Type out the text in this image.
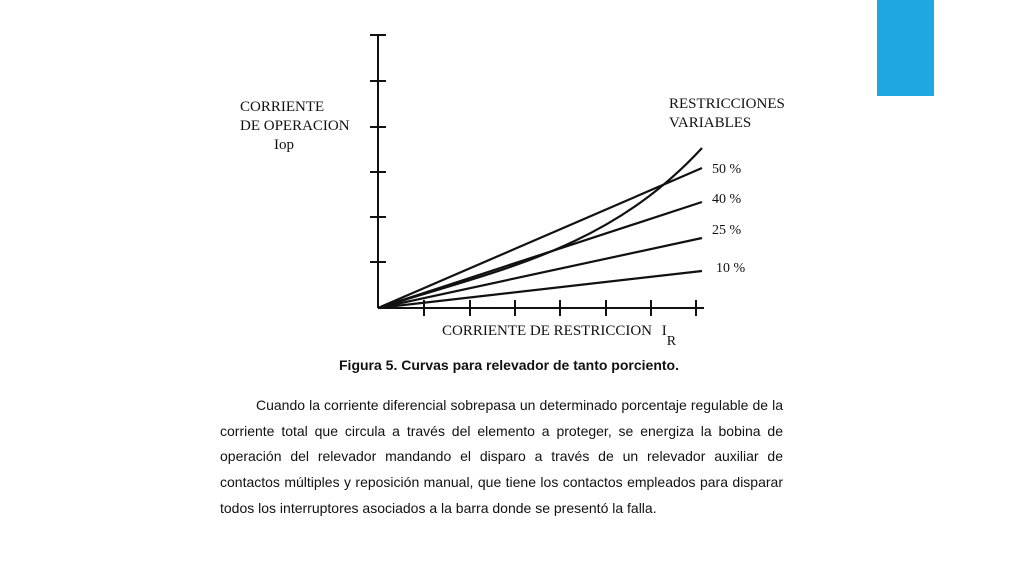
CORRIENTE
DE OPERACION
Iop
RESTRICCIONES
VARIABLES
50 %
40 %
25 %
10 %
CORRIENTE DE RESTRICCION IR
Figura 5. Curvas para relevador de tanto porciento.

Cuando la corriente diferencial sobrepasa un determinado porcentaje regulable de la corriente total que circula a través del elemento a proteger, se energiza la bobina de operación del relevador mandando el disparo a través de un relevador auxiliar de contactos múltiples y reposición manual, que tiene los contactos empleados para disparar todos los interruptores asociados a la barra donde se presentó la falla.
